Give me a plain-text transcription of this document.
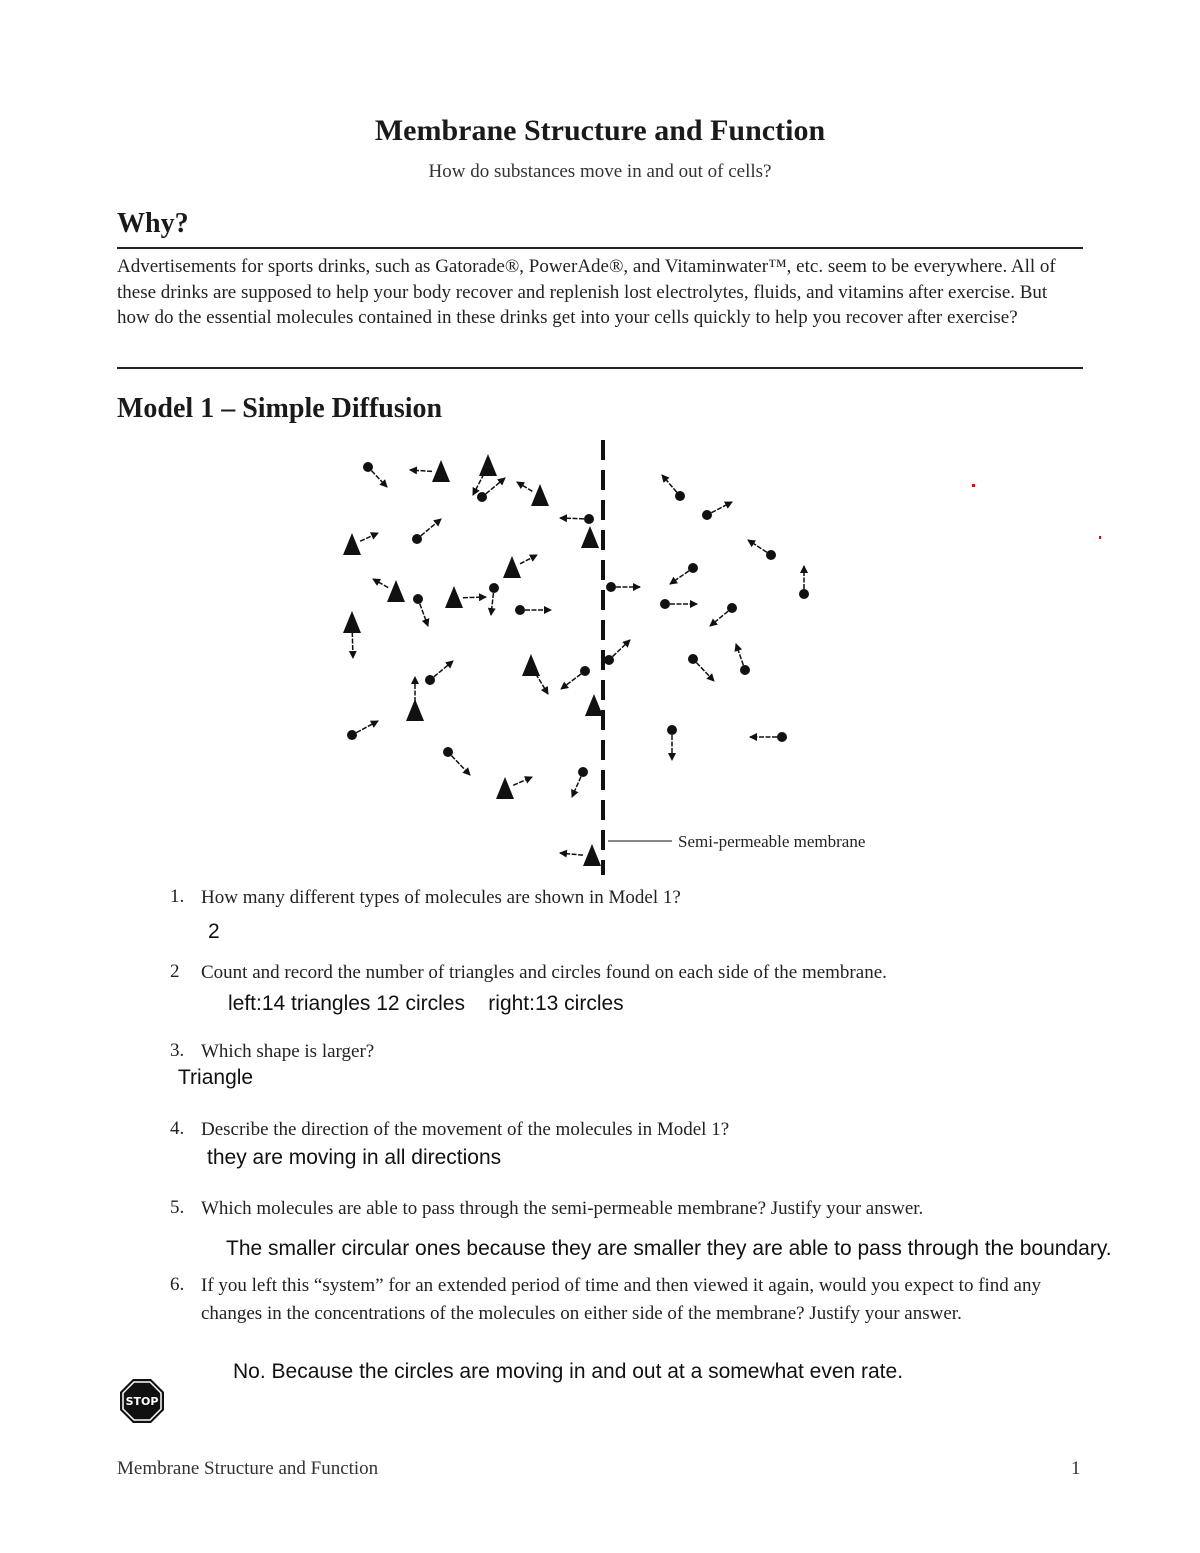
Membrane Structure and Function
How do substances move in and out of cells?
Why?
Advertisements for sports drinks, such as Gatorade®, PowerAde®, and Vitaminwater™, etc. seem to be everywhere. All of these drinks are supposed to help your body recover and replenish lost electrolytes, fluids, and vitamins after exercise. But how do the essential molecules contained in these drinks get into your cells quickly to help you recover after exercise?
Model 1 – Simple Diffusion
Semi-permeable membrane
1. How many different types of molecules are shown in Model 1?
2
2 Count and record the number of triangles and circles found on each side of the membrane.
left:14 triangles 12 circles    right:13 circles
3. Which shape is larger?
Triangle
4. Describe the direction of the movement of the molecules in Model 1?
they are moving in all directions
5. Which molecules are able to pass through the semi-permeable membrane? Justify your answer.
The smaller circular ones because they are smaller they are able to pass through the boundary.
6. If you left this “system” for an extended period of time and then viewed it again, would you expect to find any changes in the concentrations of the molecules on either side of the membrane? Justify your answer.
No. Because the circles are moving in and out at a somewhat even rate.
STOP
Membrane Structure and Function	1
